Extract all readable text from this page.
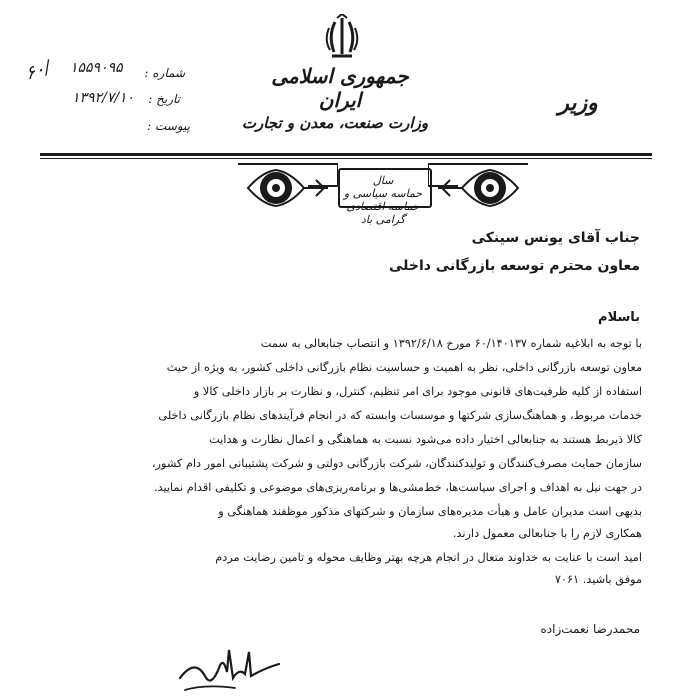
جمهوری اسلامی ایران
وزارت صنعت، معدن و تجارت
وزیر
شماره :
۱۵۵۹۰۹۵
تاریخ :
۱۳۹۲/۷/۱۰
پیوست :
۶۰/
سال
حماسه سیاسی و حماسه اقتصادی
گرامی باد
جناب آقای یونس سینکی
معاون محترم توسعه بازرگانی داخلی
باسلام
با توجه به ابلاغیه شماره ۶۰/۱۴۰۱۳۷ مورخ ۱۳۹۲/۶/۱۸ و انتصاب جنابعالی به سمت
معاون توسعه بازرگانی داخلی، نظر به اهمیت و حساسیت نظام بازرگانی داخلی کشور، به ویژه از حیث
استفاده از کلیه ظرفیت‌های قانونی موجود برای امر تنظیم، کنترل، و نظارت بر بازار داخلی کالا و
خدمات مربوط، و هماهنگ‌سازی شرکتها و موسسات وابسته که در انجام فرآیندهای نظام بازرگانی داخلی
کالا ذیربط هستند به جنابعالی اختیار داده می‌شود نسبت به هماهنگی و اعمال نظارت و هدایت
سازمان حمایت مصرف‌کنندگان و تولیدکنندگان، شرکت بازرگانی دولتی و شرکت پشتیبانی امور دام کشور،
در جهت نیل به اهداف و اجرای سیاست‌ها، خط‌مشی‌ها و برنامه‌ریزی‌های موضوعی و تکلیفی اقدام نمایید.
بدیهی است مدیران عامل و هیأت مدیره‌های سازمان و شرکتهای مذکور موظفند هماهنگی و
همکاری لازم را با جنابعالی معمول دارند.
امید است با عنایت به خداوند متعال در انجام هرچه بهتر وظایف محوله و تامین رضایت مردم
موفق باشید. ۷۰۶۱
محمدرضا نعمت‌زاده
